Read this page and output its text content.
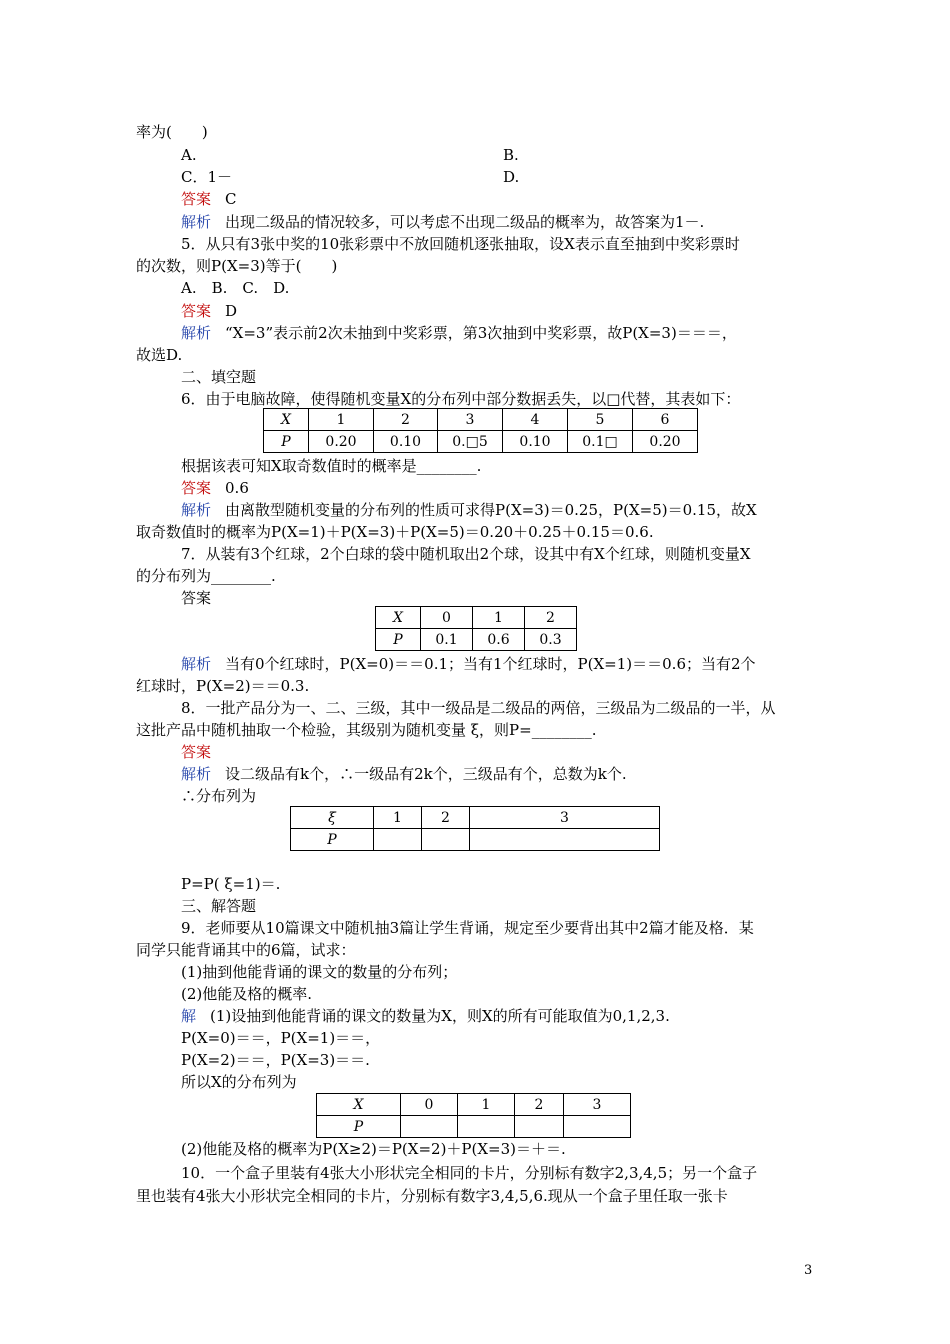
率为(　　)
A.	B.
C．1－	D.
答案 C
解析 出现二级品的情况较多，可以考虑不出现二级品的概率为，故答案为1－.
5．从只有3张中奖的10张彩票中不放回随机逐张抽取，设X表示直至抽到中奖彩票时
的次数，则P(X=3)等于(　　)
A.　B.　C.　D.
答案 D
解析 “X=3”表示前2次未抽到中奖彩票，第3次抽到中奖彩票，故P(X=3)＝＝＝，
故选D.
二、填空题
6．由于电脑故障，使得随机变量X的分布列中部分数据丢失，以□代替，其表如下：
X	1	2	3	4	5	6
P	0.20	0.10	0.□5	0.10	0.1□	0.20
根据该表可知X取奇数值时的概率是________.
答案 0.6
解析 由离散型随机变量的分布列的性质可求得P(X=3)＝0.25，P(X=5)＝0.15，故X
取奇数值时的概率为P(X=1)＋P(X=3)＋P(X=5)＝0.20＋0.25＋0.15＝0.6.
7．从装有3个红球，2个白球的袋中随机取出2个球，设其中有X个红球，则随机变量X
的分布列为________.
答案
X	0	1	2
P	0.1	0.6	0.3
解析 当有0个红球时，P(X=0)＝＝0.1；当有1个红球时，P(X=1)＝＝0.6；当有2个
红球时，P(X=2)＝＝0.3.
8．一批产品分为一、二、三级，其中一级品是二级品的两倍，三级品为二级品的一半，从
这批产品中随机抽取一个检验，其级别为随机变量 ξ，则P=________.
答案
解析 设二级品有k个，∴一级品有2k个，三级品有个，总数为k个.
∴分布列为
ξ	1	2	3
P			
P=P( ξ=1)＝.
三、解答题
9．老师要从10篇课文中随机抽3篇让学生背诵，规定至少要背出其中2篇才能及格．某
同学只能背诵其中的6篇，试求：
(1)抽到他能背诵的课文的数量的分布列；
(2)他能及格的概率.
解 (1)设抽到他能背诵的课文的数量为X，则X的所有可能取值为0,1,2,3.
P(X=0)＝＝，P(X=1)＝＝，
P(X=2)＝＝，P(X=3)＝＝.
所以X的分布列为
X	0	1	2	3
P				
(2)他能及格的概率为P(X≥2)＝P(X=2)＋P(X=3)＝＋＝.
10．一个盒子里装有4张大小形状完全相同的卡片，分别标有数字2,3,4,5；另一个盒子
里也装有4张大小形状完全相同的卡片，分别标有数字3,4,5,6.现从一个盒子里任取一张卡
3
